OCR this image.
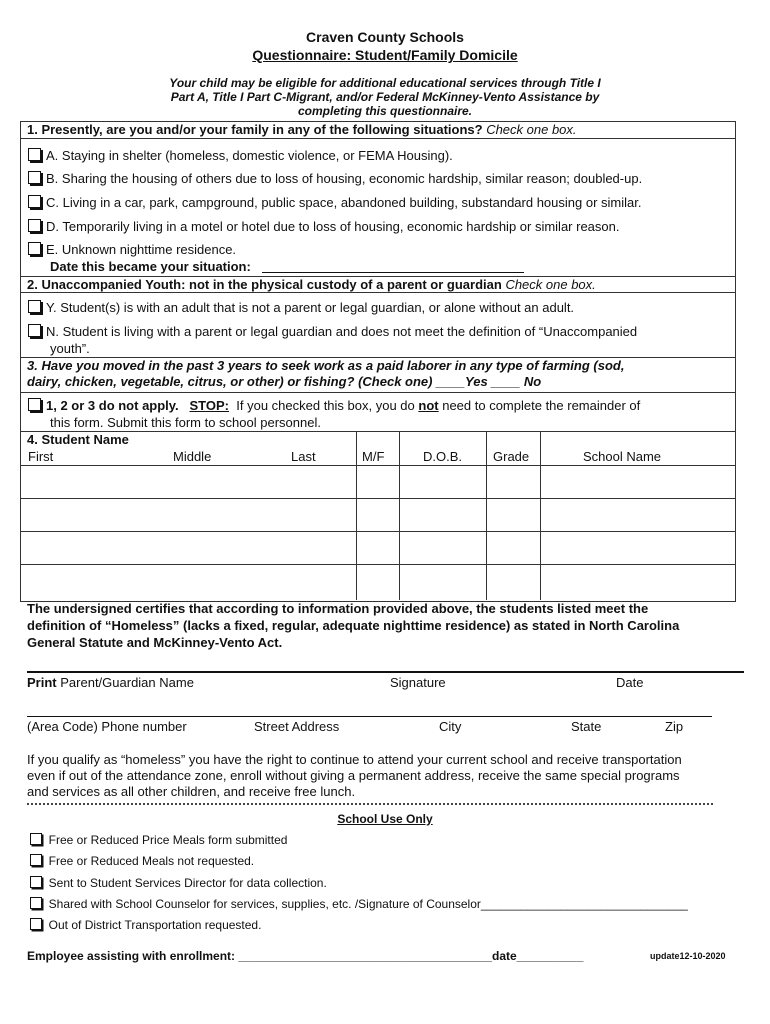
Craven County Schools
Questionnaire: Student/Family Domicile
Your child may be eligible for additional educational services through Title I
Part A, Title I Part C-Migrant, and/or Federal McKinney-Vento Assistance by
completing this questionnaire.
1. Presently, are you and/or your family in any of the following situations? Check one box.
A. Staying in shelter (homeless, domestic violence, or FEMA Housing).
B. Sharing the housing of others due to loss of housing, economic hardship, similar reason; doubled-up.
C. Living in a car, park, campground, public space, abandoned building, substandard housing or similar.
D. Temporarily living in a motel or hotel due to loss of housing, economic hardship or similar reason.
E. Unknown nighttime residence.
Date this became your situation:
2. Unaccompanied Youth: not in the physical custody of a parent or guardian Check one box.
Y. Student(s) is with an adult that is not a parent or legal guardian, or alone without an adult.
N. Student is living with a parent or legal guardian and does not meet the definition of “Unaccompanied
youth”.
3. Have you moved in the past 3 years to seek work as a paid laborer in any type of farming (sod,
dairy, chicken, vegetable, citrus, or other) or fishing? (Check one) ____Yes ____ No
1, 2 or 3 do not apply. STOP: If you checked this box, you do not need to complete the remainder of
this form. Submit this form to school personnel.
4. Student Name
First	Middle	Last	M/F	D.O.B. Grade	School Name
The undersigned certifies that according to information provided above, the students listed meet the
definition of “Homeless” (lacks a fixed, regular, adequate nighttime residence) as stated in North Carolina
General Statute and McKinney-Vento Act.
Print Parent/Guardian Name	Signature	Date
(Area Code) Phone number	Street Address	City	State	Zip
If you qualify as “homeless” you have the right to continue to attend your current school and receive transportation
even if out of the attendance zone, enroll without giving a permanent address, receive the same special programs
and services as all other children, and receive free lunch.
School Use Only
Free or Reduced Price Meals form submitted
Free or Reduced Meals not requested.
Sent to Student Services Director for data collection.
Shared with School Counselor for services, supplies, etc. /Signature of Counselor_______________________________
Out of District Transportation requested.
Employee assisting with enrollment: ______________________________________date__________	update12-10-2020
